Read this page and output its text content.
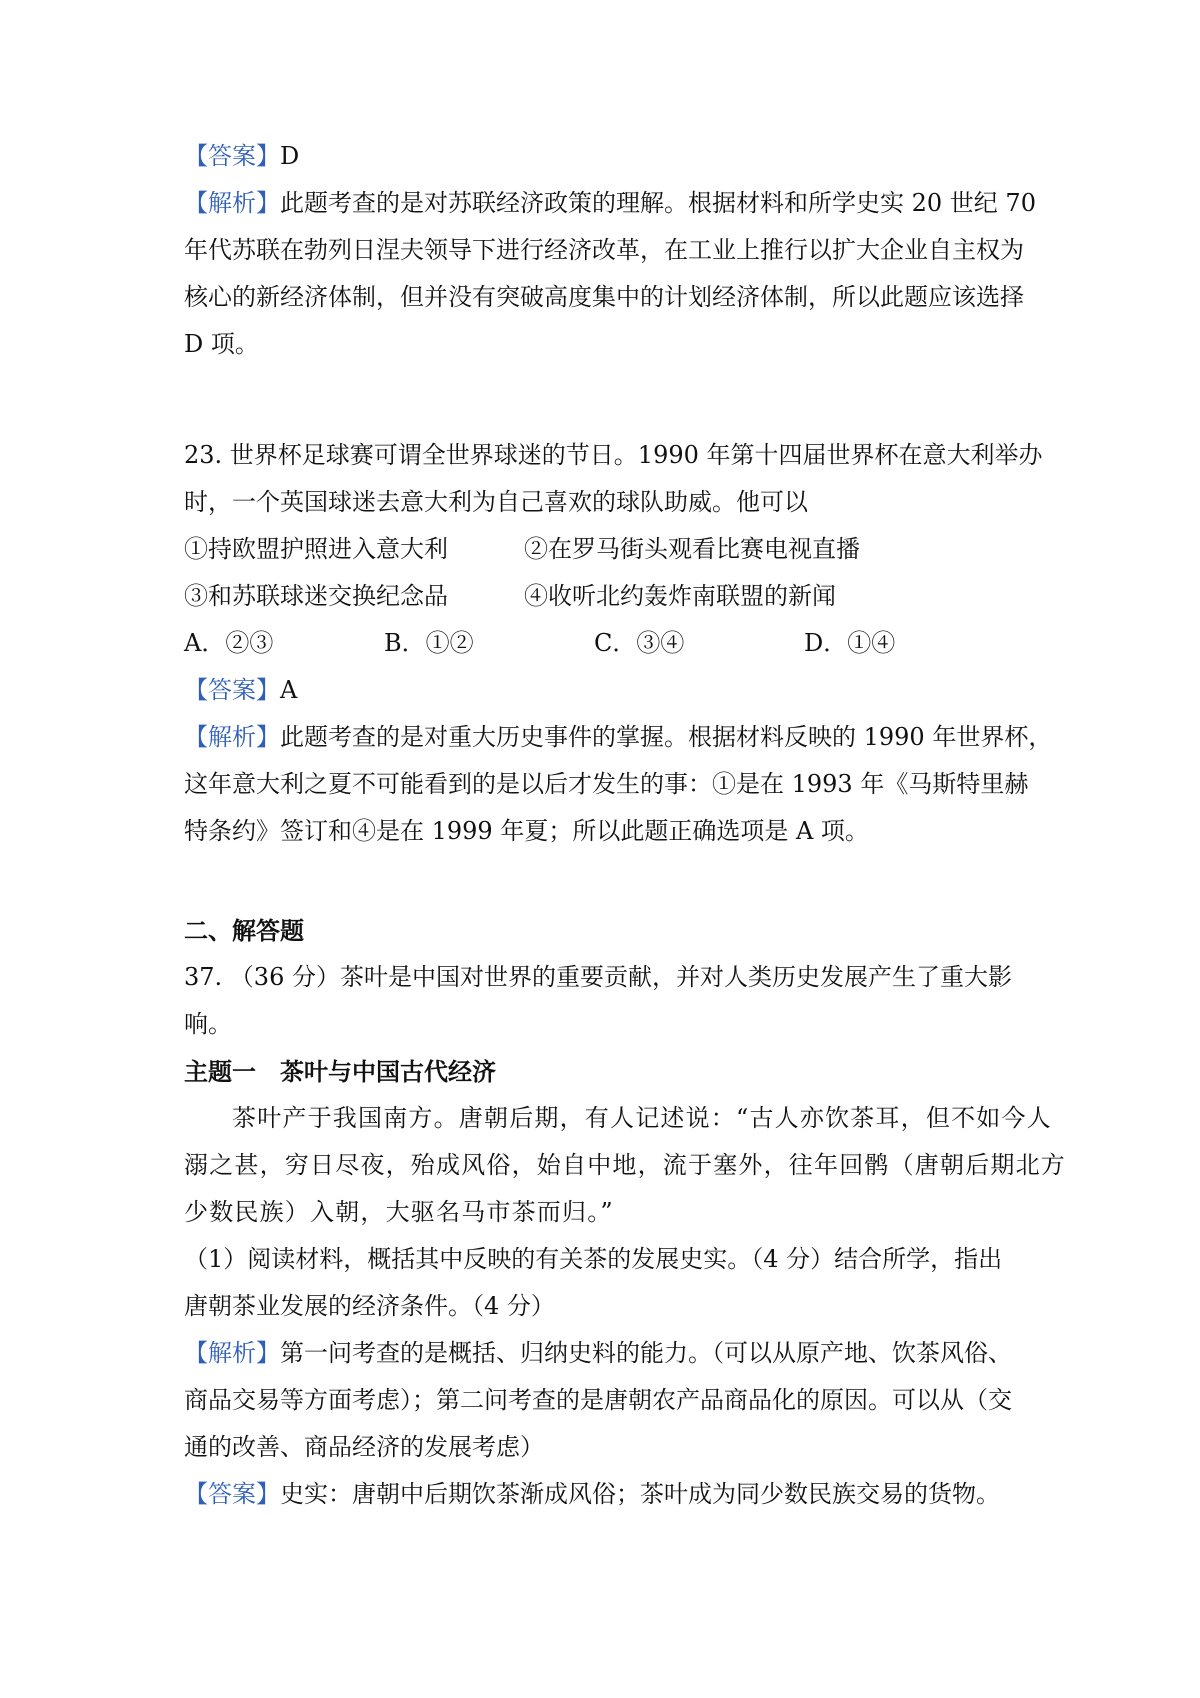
【答案】D
【解析】此题考查的是对苏联经济政策的理解。根据材料和所学史实 20 世纪 70
年代苏联在勃列日涅夫领导下进行经济改革，在工业上推行以扩大企业自主权为
核心的新经济体制，但并没有突破高度集中的计划经济体制，所以此题应该选择
D 项。
23. 世界杯足球赛可谓全世界球迷的节日。1990 年第十四届世界杯在意大利举办
时，一个英国球迷去意大利为自己喜欢的球队助威。他可以
①持欧盟护照进入意大利	②在罗马街头观看比赛电视直播
③和苏联球迷交换纪念品	④收听北约轰炸南联盟的新闻
A．②③	B．①②	C．③④	D．①④
【答案】A
【解析】此题考查的是对重大历史事件的掌握。根据材料反映的 1990 年世界杯，
这年意大利之夏不可能看到的是以后才发生的事：①是在 1993 年《马斯特里赫
特条约》签订和④是在 1999 年夏；所以此题正确选项是 A 项。
二、解答题
37. （36 分）茶叶是中国对世界的重要贡献，并对人类历史发展产生了重大影
响。
主题一　茶叶与中国古代经济
茶叶产于我国南方。唐朝后期，有人记述说：“古人亦饮茶耳，但不如今人
溺之甚，穷日尽夜，殆成风俗，始自中地，流于塞外，往年回鹘（唐朝后期北方
少数民族）入朝，大驱名马市茶而归。”
（1）阅读材料，概括其中反映的有关茶的发展史实。（4 分）结合所学，指出
唐朝茶业发展的经济条件。（4 分）
【解析】第一问考查的是概括、归纳史料的能力。（可以从原产地、饮茶风俗、
商品交易等方面考虑）；第二问考查的是唐朝农产品商品化的原因。可以从（交
通的改善、商品经济的发展考虑）
【答案】史实：唐朝中后期饮茶渐成风俗；茶叶成为同少数民族交易的货物。
